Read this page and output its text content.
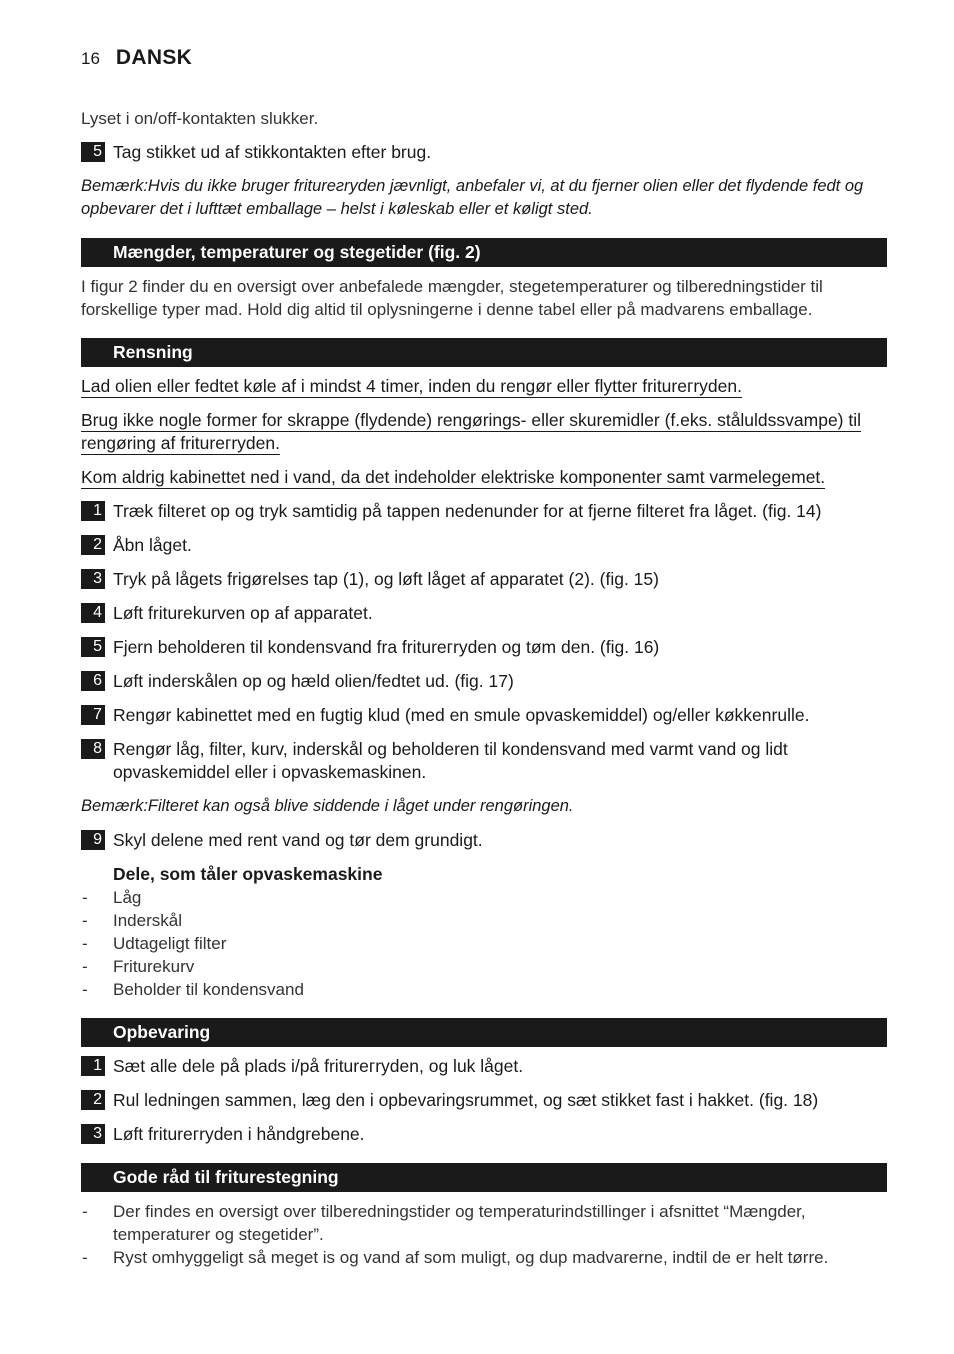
16 DANSK

Lyset i on/off-kontakten slukker.

5 Tag stikket ud af stikkontakten efter brug.

Bemærk:Hvis du ikke bruger friturегryden jævnligt, anbefaler vi, at du fjerner olien eller det flydende fedt og opbevarer det i lufttæt emballage – helst i køleskab eller et køligt sted.

Mængder, temperaturer og stegetider (fig. 2)

I figur 2 finder du en oversigt over anbefalede mængder, stegetemperaturer og tilberedningstider til forskellige typer mad. Hold dig altid til oplysningerne i denne tabel eller på madvarens emballage.

Rensning

Lad olien eller fedtet køle af i mindst 4 timer, inden du rengør eller flytter friturегryden.

Brug ikke nogle former for skrappe (flydende) rengørings- eller skuremidler (f.eks. ståluldssvampe) til rengøring af friturегryden.

Kom aldrig kabinettet ned i vand, da det indeholder elektriske komponenter samt varmelegemet.

1 Træk filteret op og tryk samtidig på tappen nedenunder for at fjerne filteret fra låget. (fig. 14)
2 Åbn låget.
3 Tryk på lågets frigørelses tap (1), og løft låget af apparatet (2). (fig. 15)
4 Løft friturekurven op af apparatet.
5 Fjern beholderen til kondensvand fra friturегryden og tøm den. (fig. 16)
6 Løft inderskålen op og hæld olien/fedtet ud. (fig. 17)
7 Rengør kabinettet med en fugtig klud (med en smule opvaskemiddel) og/eller køkkenrulle.
8 Rengør låg, filter, kurv, inderskål og beholderen til kondensvand med varmt vand og lidt opvaskemiddel eller i opvaskemaskinen.

Bemærk:Filteret kan også blive siddende i låget under rengøringen.

9 Skyl delene med rent vand og tør dem grundigt.

Dele, som tåler opvaskemaskine

- Låg
- Inderskål
- Udtageligt filter
- Friturekurv
- Beholder til kondensvand
Opbevaring
1 Sæt alle dele på plads i/på friturегryden, og luk låget.
2 Rul ledningen sammen, læg den i opbevaringsrummet, og sæt stikket fast i hakket. (fig. 18)
3 Løft friturегryden i håndgrebene.
Gode råd til friturestegning
- Der findes en oversigt over tilberedningstider og temperaturindstillinger i afsnittet “Mængder, temperaturer og stegetider”.
- Ryst omhyggeligt så meget is og vand af som muligt, og dup madvarerne, indtil de er helt tørre.
